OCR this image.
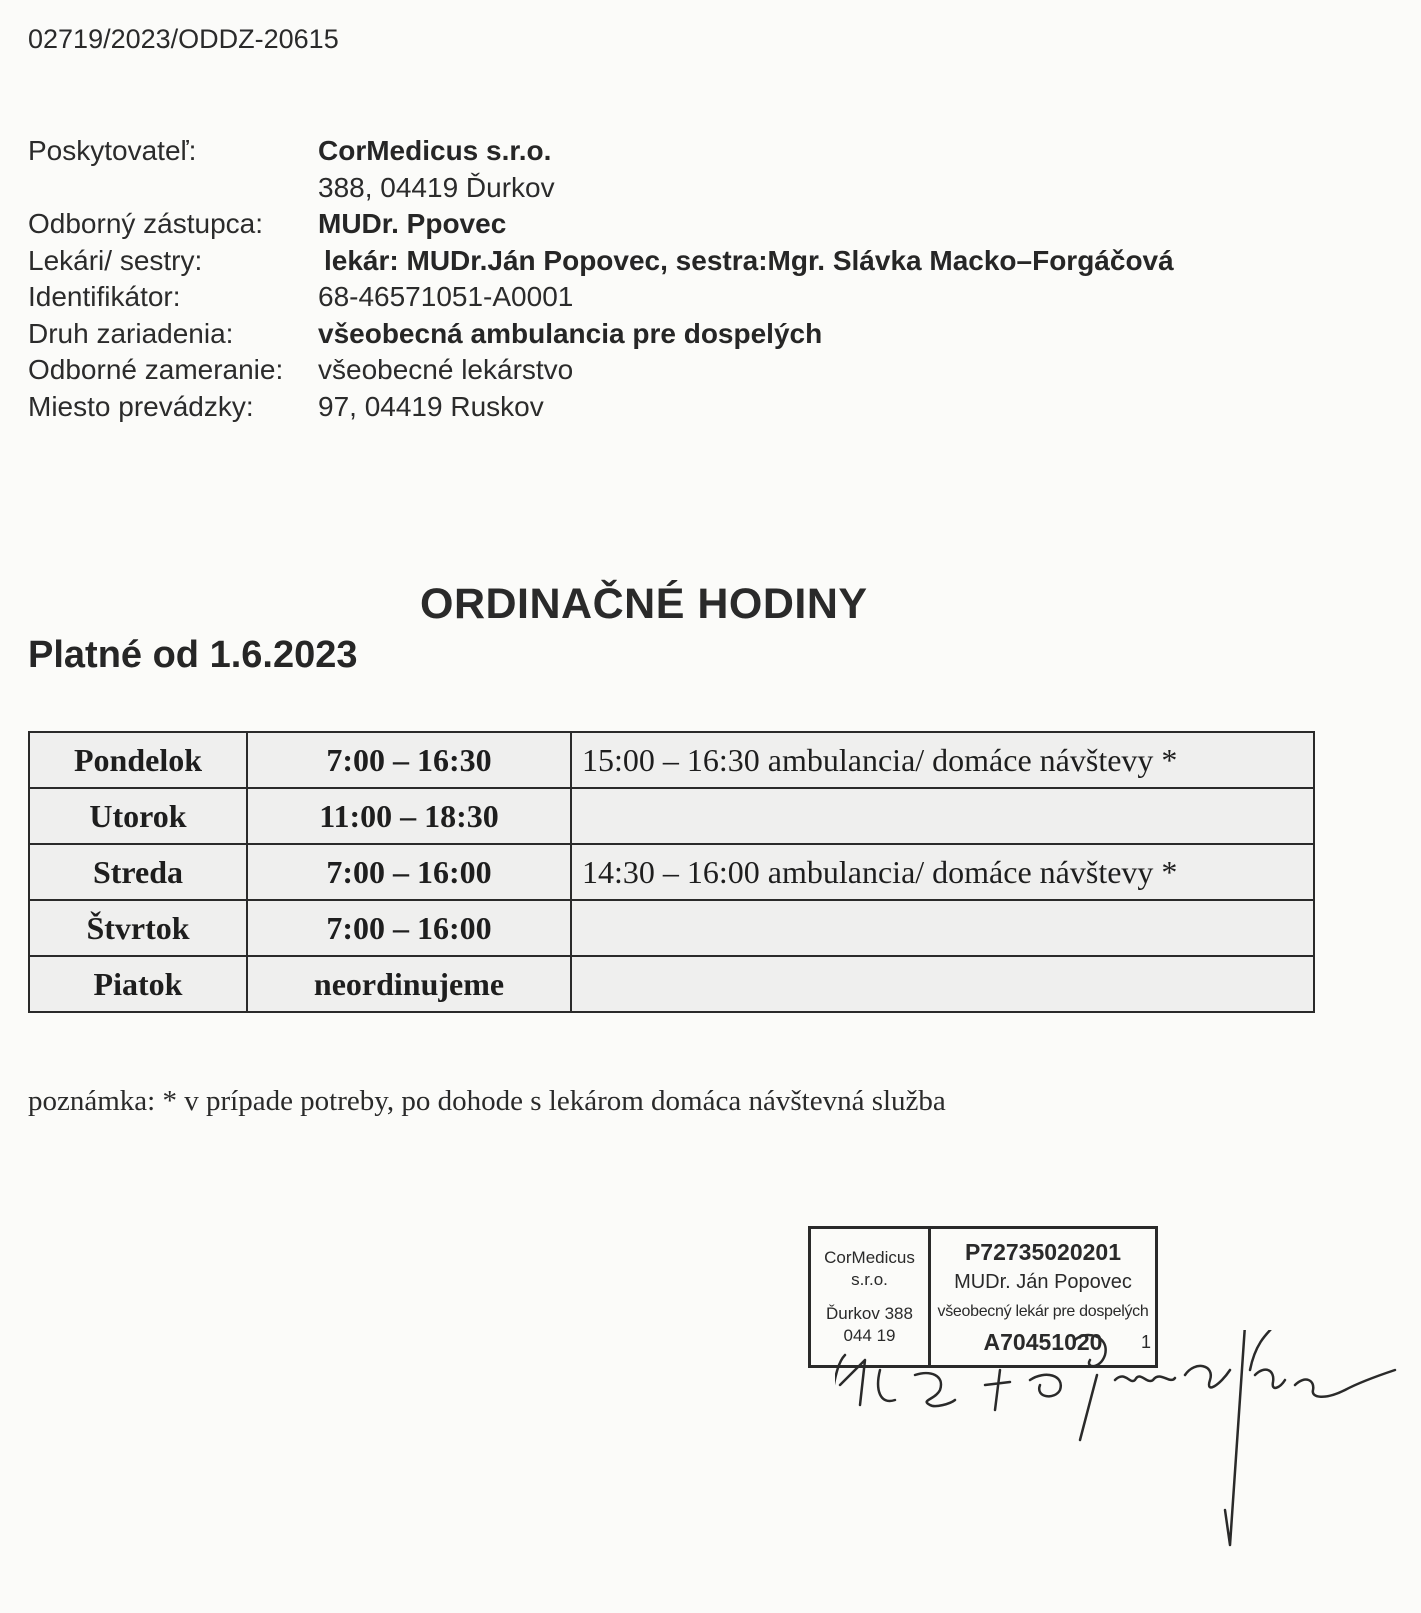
02719/2023/ODDZ-20615
Poskytovateľ:	CorMedicus s.r.o.
388, 04419 Ďurkov
Odborný zástupca:	MUDr. Ppovec
Lekári/ sestry:	lekár: MUDr.Ján Popovec, sestra:Mgr. Slávka Macko–Forgáčová
Identifikátor:	68-46571051-A0001
Druh zariadenia:	všeobecná ambulancia pre dospelých
Odborné zameranie:	všeobecné lekárstvo
Miesto prevádzky:	97, 04419 Ruskov
ORDINAČNÉ HODINY
Platné od 1.6.2023
Pondelok	7:00 – 16:30	15:00 – 16:30 ambulancia/ domáce návštevy *
Utorok	11:00 – 18:30	
Streda	7:00 – 16:00	14:30 – 16:00 ambulancia/ domáce návštevy *
Štvrtok	7:00 – 16:00	
Piatok	neordinujeme	
poznámka: * v prípade potreby, po dohode s lekárom domáca návštevná služba
CorMedicus
s.r.o.
Ďurkov 388
044 19
P72735020201
MUDr. Ján Popovec
všeobecný lekár pre dospelých
A70451020	1
